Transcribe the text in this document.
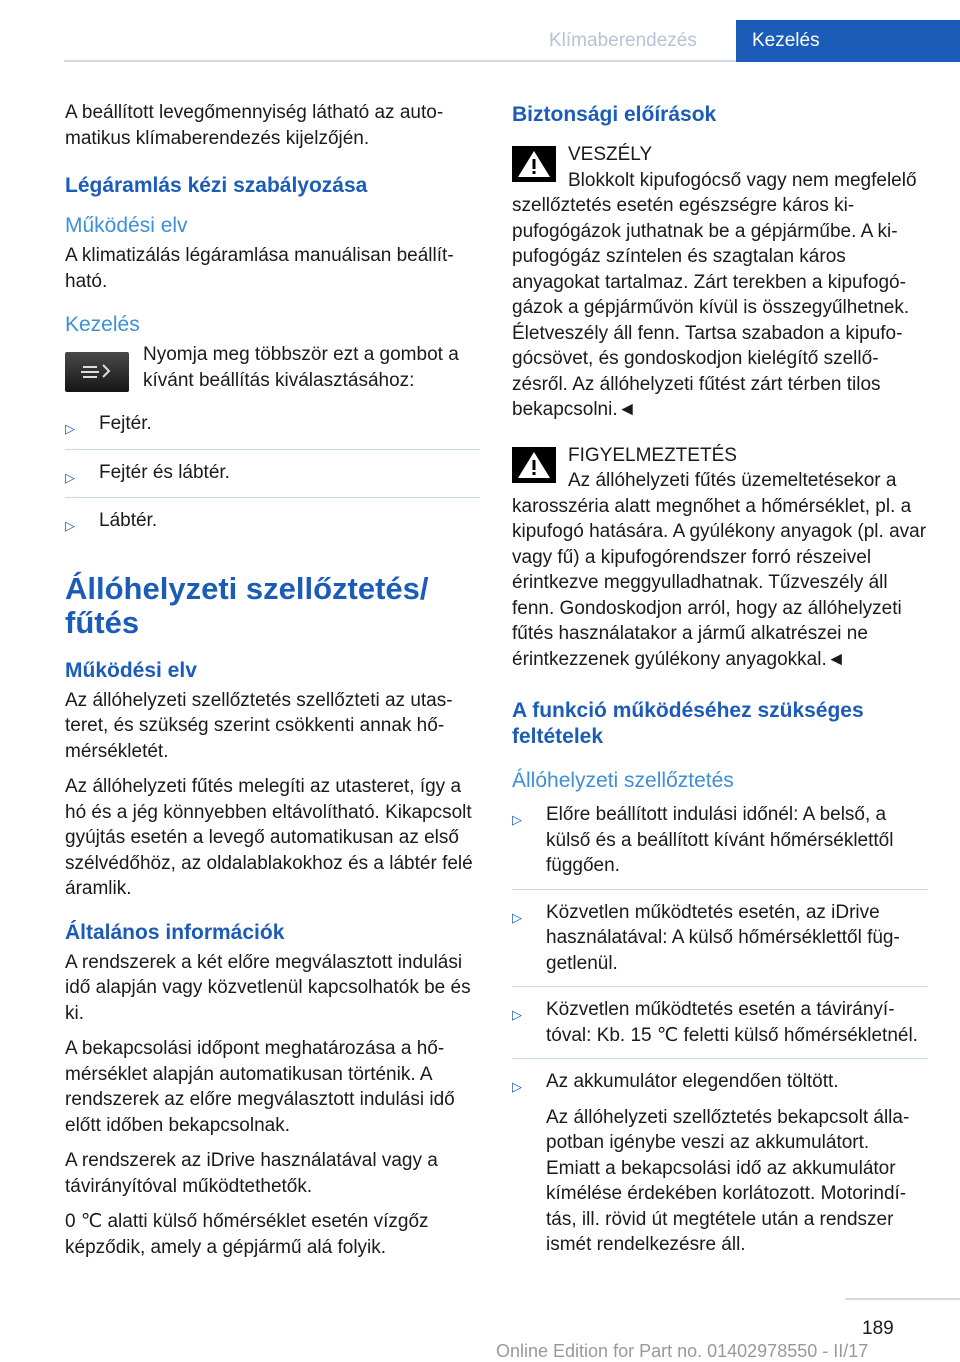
Klímaberendezés	Kezelés

A beállított levegőmennyiség látható az automatikus klímaberendezés kijelzőjén.

Légáramlás kézi szabályozása
Működési elv

A klimatizálás légáramlása manuálisan beállítható.

Kezelés

Nyomja meg többször ezt a gombot a kívánt beállítás kiválasztásához:

▷ Fejtér.
▷ Fejtér és lábtér.
▷ Lábtér.
Állóhelyzeti szellőztetés/ fűtés
Működési elv

Az állóhelyzeti szellőztetés szellőzteti az utasteret, és szükség szerint csökkenti annak hőmérsékletét.

Az állóhelyzeti fűtés melegíti az utasteret, így a hó és a jég könnyebben eltávolítható. Kikapcsolt gyújtás esetén a levegő automatikusan az első szélvédőhöz, az oldalablakokhoz és a lábtér felé áramlik.

Általános információk

A rendszerek a két előre megválasztott indulási idő alapján vagy közvetlenül kapcsolhatók be és ki.

A bekapcsolási időpont meghatározása a hőmérséklet alapján automatikusan történik. A rendszerek az előre megválasztott indulási idő előtt időben bekapcsolnak.

A rendszerek az iDrive használatával vagy a távirányítóval működtethetők.

0 ℃ alatti külső hőmérséklet esetén vízgőz képződik, amely a gépjármű alá folyik.

Biztonsági előírások
VESZÉLY
Blokkolt kipufogócső vagy nem megfelelő szellőztetés esetén egészségre káros kipufogógázok juthatnak be a gépjárműbe. A kipufogógáz színtelen és szagtalan káros anyagokat tartalmaz. Zárt terekben a kipufogógázok a gépjárművön kívül is összegyűlhetnek. Életveszély áll fenn. Tartsa szabadon a kipufogócsövet, és gondoskodjon kielégítő szellőzésről. Az állóhelyzeti fűtést zárt térben tilos bekapcsolni.◄
FIGYELMEZTETÉS
Az állóhelyzeti fűtés üzemeltetésekor a karosszéria alatt megnőhet a hőmérséklet, pl. a kipufogó hatására. A gyúlékony anyagok (pl. avar vagy fű) a kipufogórendszer forró részeivel érintkezve meggyulladhatnak. Tűzveszély áll fenn. Gondoskodjon arról, hogy az állóhelyzeti fűtés használatakor a jármű alkatrészei ne érintkezzenek gyúlékony anyagokkal.◄
A funkció működéséhez szükséges feltételek
Állóhelyzeti szellőztetés
▷ Előre beállított indulási időnél: A belső, a külső és a beállított kívánt hőmérséklettől függően.
▷ Közvetlen működtetés esetén, az iDrive használatával: A külső hőmérséklettől függetlenül.
▷ Közvetlen működtetés esetén a távirányítóval: Kb. 15 ℃ feletti külső hőmérsékletnél.
▷ Az akkumulátor elegendően töltött.
Az állóhelyzeti szellőztetés bekapcsolt állapotban igénybe veszi az akkumulátort. Emiatt a bekapcsolási idő az akkumulátor kímélése érdekében korlátozott. Motorindítás, ill. rövid út megtétele után a rendszer ismét rendelkezésre áll.
189
Online Edition for Part no. 01402978550 - II/17
